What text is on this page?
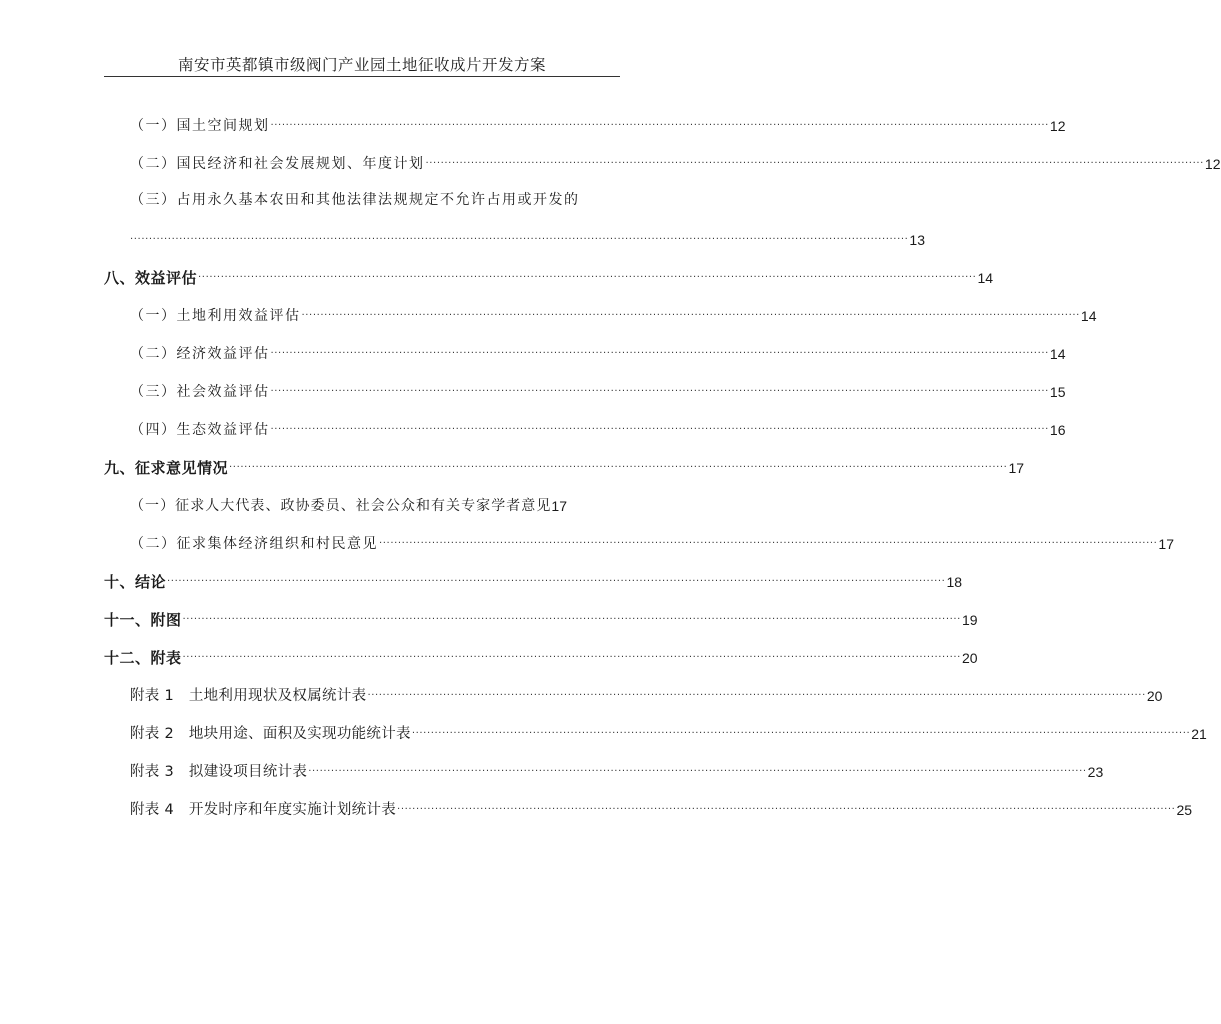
南安市英都镇市级阀门产业园土地征收成片开发方案
（一）国土空间规划 .............................................................................................................................................................................................................. 12
（二）国民经济和社会发展规划、年度计划 .............................................................................................................................................................................................................. 12
（三）占用永久基本农田和其他法律法规规定不允许占用或开发的
.............................................................................................................................................................................................................. 13
八、效益评估 .............................................................................................................................................................................................................. 14
（一）土地利用效益评估 .............................................................................................................................................................................................................. 14
（二）经济效益评估 .............................................................................................................................................................................................................. 14
（三）社会效益评估 .............................................................................................................................................................................................................. 15
（四）生态效益评估 .............................................................................................................................................................................................................. 16
九、征求意见情况 .............................................................................................................................................................................................................. 17
（一）征求人大代表、政协委员、社会公众和有关专家学者意见 17
（二）征求集体经济组织和村民意见 .............................................................................................................................................................................................................. 17
十、结论 .............................................................................................................................................................................................................. 18
十一、附图 .............................................................................................................................................................................................................. 19
十二、附表 .............................................................................................................................................................................................................. 20
附表 1　土地利用现状及权属统计表 .............................................................................................................................................................................................................. 20
附表 2　地块用途、面积及实现功能统计表 .............................................................................................................................................................................................................. 21
附表 3　拟建设项目统计表 .............................................................................................................................................................................................................. 23
附表 4　开发时序和年度实施计划统计表 .............................................................................................................................................................................................................. 25
